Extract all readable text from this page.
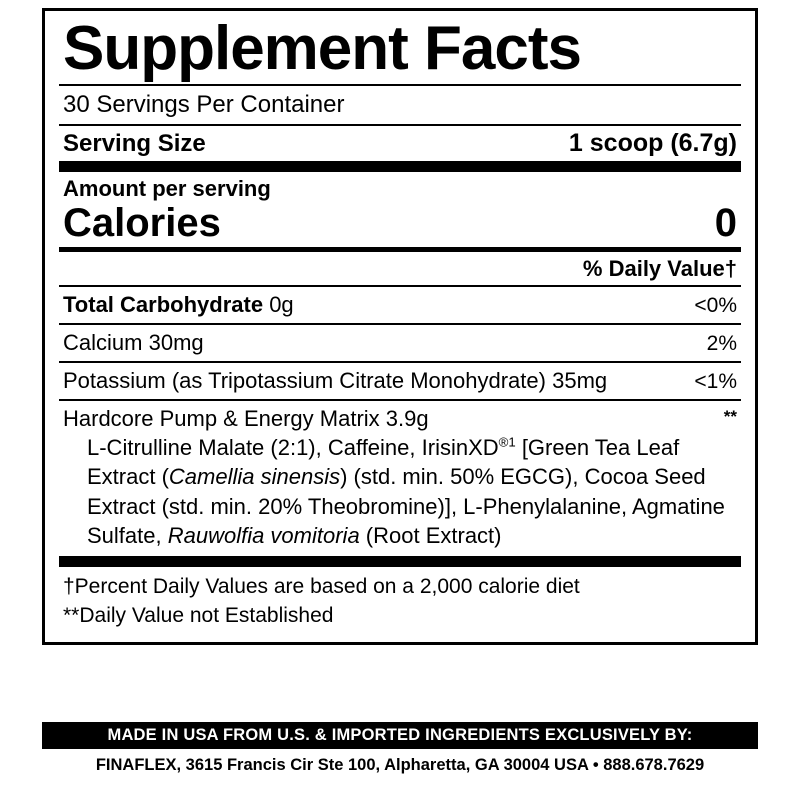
Supplement Facts
30 Servings Per Container
Serving Size	1 scoop (6.7g)
Amount per serving
Calories	0
% Daily Value†
Total Carbohydrate 0g	<0%
Calcium 30mg	2%
Potassium (as Tripotassium Citrate Monohydrate) 35mg	<1%
Hardcore Pump & Energy Matrix 3.9g	**
L-Citrulline Malate (2:1), Caffeine, IrisinXD$^{®1}$ [Green Tea Leaf Extract (Camellia sinensis) (std. min. 50% EGCG), Cocoa Seed Extract (std. min. 20% Theobromine)], L-Phenylalanine, Agmatine Sulfate, Rauwolfia vomitoria (Root Extract)
†Percent Daily Values are based on a 2,000 calorie diet
**Daily Value not Established
MADE IN USA FROM U.S. & IMPORTED INGREDIENTS EXCLUSIVELY BY:
FINAFLEX, 3615 Francis Cir Ste 100, Alpharetta, GA 30004 USA • 888.678.7629
